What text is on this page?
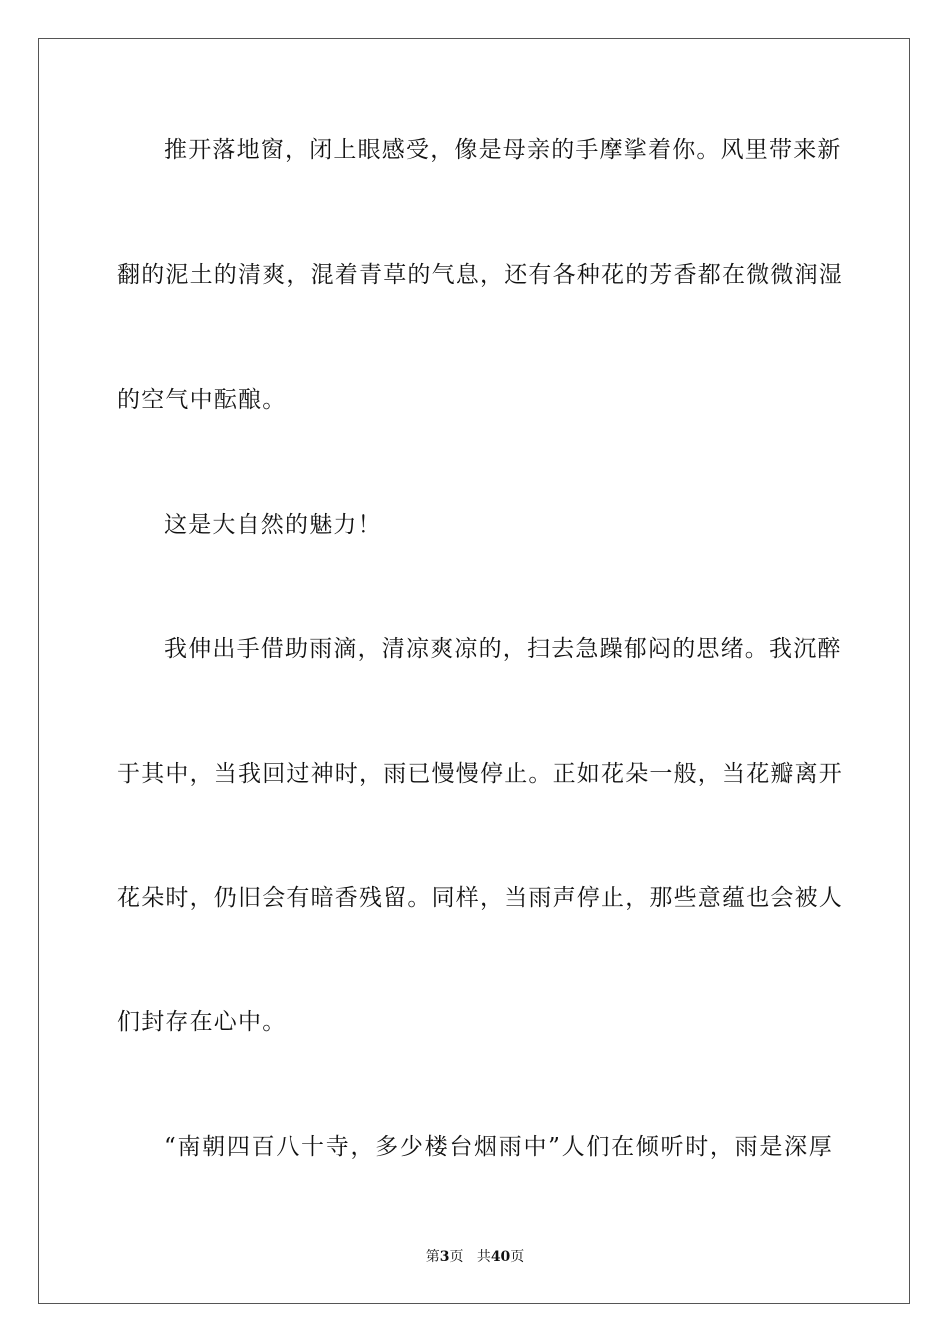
推开落地窗，闭上眼感受，像是母亲的手摩挲着你。风里带来新
翻的泥土的清爽，混着青草的气息，还有各种花的芳香都在微微润湿
的空气中酝酿。
这是大自然的魅力！
我伸出手借助雨滴，清凉爽凉的，扫去急躁郁闷的思绪。我沉醉
于其中，当我回过神时，雨已慢慢停止。正如花朵一般，当花瓣离开
花朵时，仍旧会有暗香残留。同样，当雨声停止，那些意蕴也会被人
们封存在心中。
“南朝四百八十寺，多少楼台烟雨中”人们在倾听时，雨是深厚
第3页 共40页
